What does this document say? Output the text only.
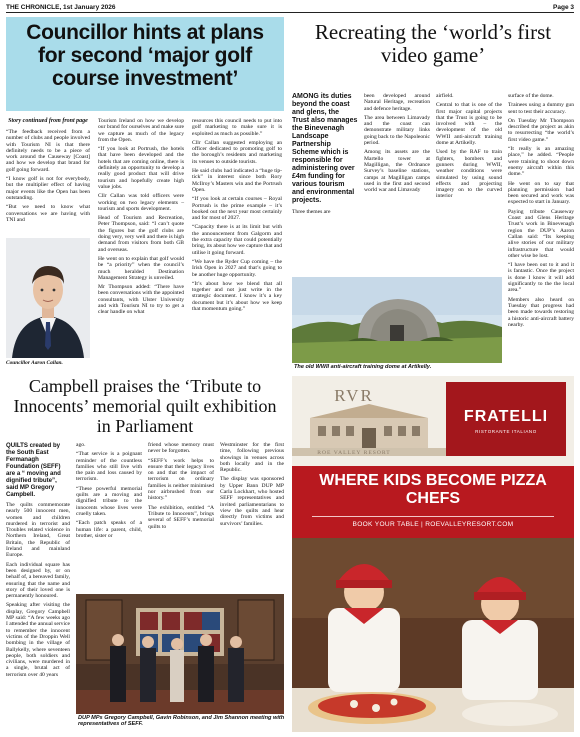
THE CHRONICLE, 1st January 2026	Page 3
Councillor hints at plans for second ‘major golf course investment’
Story continued from front page

“The feedback received from a number of clubs and people involved with Tourism NI is that there definitely needs to be a piece of work around the Causeway [Coast] and how we develop that brand for golf going forward.

“I know golf is not for everybody, but the multiplier effect of having major events like the Open has been outstanding.

“But we need to know what conversations we are having with TNI and

Councillor Aaron Callan.

Tourism Ireland on how we develop our brand for ourselves and make sure we capture as much of the legacy from the Open.

“If you look at Portrush, the hotels that have been developed and the hotels that are coming online, there is definitely an opportunity to develop a really good product that will drive tourism and hopefully create high value jobs.

Cllr Callan was told officers were working on two legacy elements – tourism and sports development.

Head of Tourism and Recreation, Peter Thompson, said: “I can’t quote the figures but the golf clubs are doing very, very well and there is high demand from visitors from both GB and overseas.

He went on to explain that golf would be “a priority” when the council’s much heralded Destination Management Strategy is unveiled.

Mr Thompson added: “There have been conversations with the appointed consultants, with Ulster University and with Tourism NI to try to get a clear handle on what

resources this council needs to put into golf marketing to make sure it is exploited as much as possible.”

Cllr Callan suggested employing an officer dedicated to promoting golf to the borough’s residents and marketing its venues to outside tourists.

He said clubs had indicated a “huge tip-tick” in interest since both Rory McIlroy’s Masters win and the Portrush Open.

“If you look at certain courses – Royal Portrush is the prime example – it’s booked out the next year most certainly and for most of 2027.

“Capacity there is at its limit but with the announcement from Galgorm and the extra capacity that could potentially bring, its about how we capture that and utilise it going forward.

“We have the Ryder Cup coming – the Irish Open in 2027 and that’s going to be another huge opportunity.

“It’s about how we blend that all together and not just write in the strategic document. I know it’s a key document but it’s about how we keep that momentum going.”

Recreating the ‘world’s first video game’
AMONG its duties beyond the coast and glens, the Trust also manages the Binevenagh Landscape Partnership Scheme which is responsible for administering over £4m funding for various tourism and environmental projects.

Three themes are

been developed around Natural Heritage, recreation and defence heritage.

The area between Limavady and the coast can demonstrate military links going back to the Napoleonic period.

Among its assets are the Martello tower at Magilligan, the Ordnance Survey’s baseline stations, camps at Magilligan camps used in the first and second world war and Limavady

airfield.

Central to that is one of the first major capital projects that the Trust is going to be involved with – the development of the old WWII anti-aircraft training dome at Artikelly.

Used by the RAF to train fighters, bombers and gunners during WWII, weather conditions were simulated by using sound effects and projecting imagery on to the curved interior

surface of the dome.

Trainees using a dummy gun sent to test their accuracy.

On Tuesday Mr Thompson described the project as akin to resurrecting “the world’s first video game.”

“It really is an amazing place,” he added. “People were training to shoot down enemy aircraft within this dome.”

He went on to say that planning permission had been secured and work was expected to start in January.

Paying tribute Causeway Coast and Glens Heritage Trust’s work in Binevenagh region the DUP’s Aaron Callan said: “Its keeping alive stories of our military infrastructure that would other wise be lost.

“I have been out to it and it is fantastic. Once the project is done I know it will add significantly to the the local area.”

Members also heard on Tuesday that progress had been made towards restoring a historic anti-aircraft battery nearby.

The old WWII anti-aircraft training dome at Artikelly.
Campbell praises the ‘Tribute to Innocents’ memorial quilt exhibition in Parliament
QUILTS created by the South East Fermanagh Foundation (SEFF) are a “ moving and dignified tribute”, said MP Gregory Campbell.

The quilts commemorate nearly 500 innocent men, women and children murdered in terrorist and Troubles related violence in Northern Ireland, Great Britain, the Republic of Ireland and mainland Europe.

Each individual square has been designed by, or on behalf of, a bereaved family, ensuring that the name and story of their loved one is permanently honoured.

Speaking after visiting the display, Gregory Campbell MP said: “A few weeks ago I attended the annual service to remember the innocent victims of the Droppin Well bombing in the village of Ballykelly, where seventeen people, both soldiers and civilians, were murdered in a single, brutal act of terrorism over 40 years

ago.

“That service is a poignant reminder of the countless families who still live with the pain and loss caused by terrorism.

“These powerful memorial quilts are a moving and dignified tribute to the innocents whose lives were cruelly taken.

“Each patch speaks of a human life: a parent, child, brother, sister or

friend whose memory must never be forgotten.

“SEFF’s work helps to ensure that their legacy lives on and that the impact of terrorism on ordinary families is neither minimised nor airbrushed from our history.”

The exhibition, entitled “A Tribute to Innocents”, brings several of SEFF’s memorial quilts to

Westminster for the first time, following previous showings in venues across both locally and in the Republic.

The display was sponsored by Upper Bann DUP MP Carla Lockhart, who hosted SEFF representatives and invited parliamentarians to view the quilts and hear directly from victims and survivors’ families.

DUP MPs Gregory Campbell, Gavin Robinson, and Jim Shannon meeting with representatives of SEFF.
RVR
ROE VALLEY RESORT
FRATELLI
RISTORANTE ITALIANO
WHERE KIDS BECOME PIZZA CHEFS
BOOK YOUR TABLE | ROEVALLEYRESORT.COM
